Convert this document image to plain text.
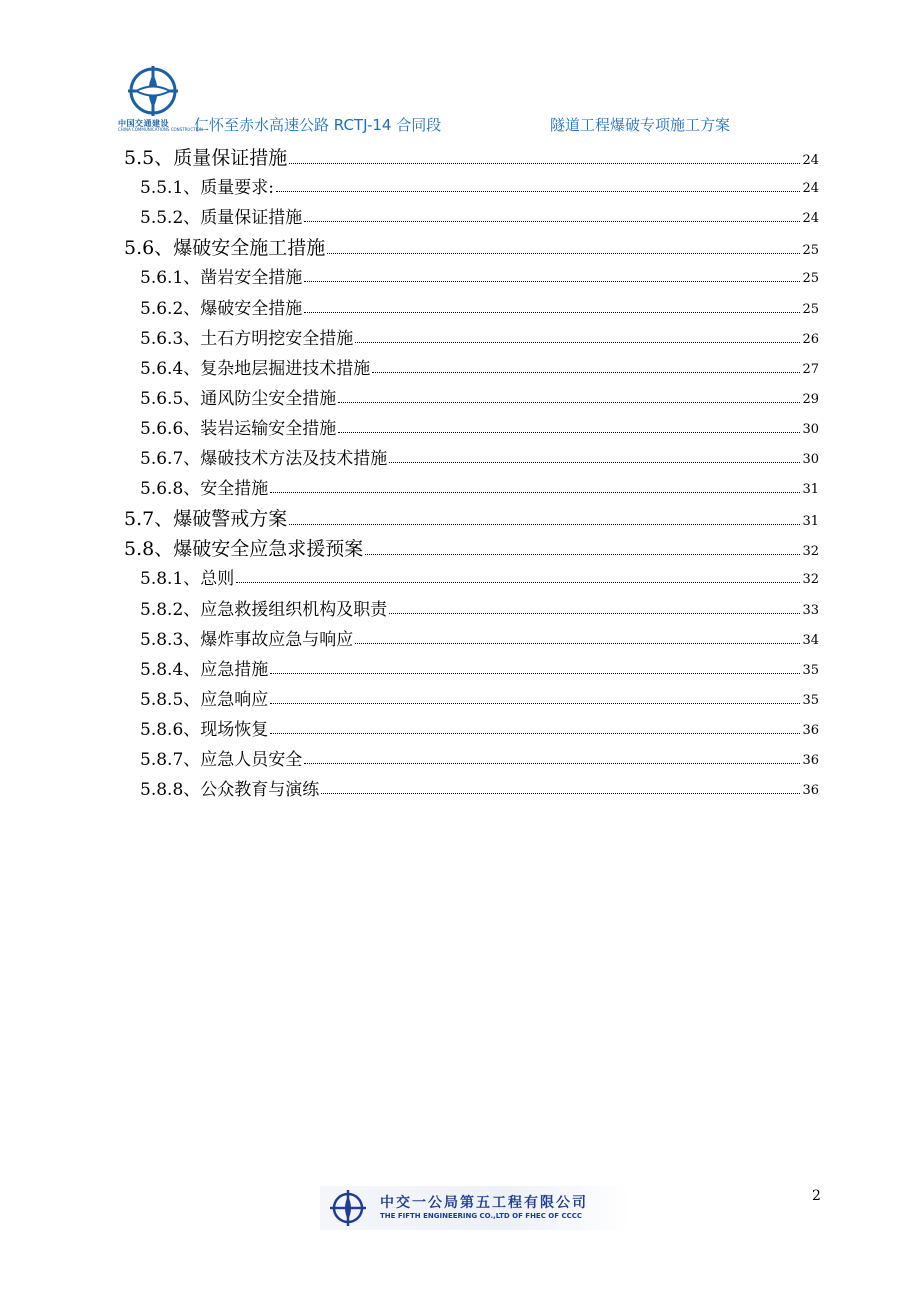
中国交通建设
CHINA COMMUNICATIONS CONSTRUCTION
仁怀至赤水高速公路 RCTJ-14 合同段	隧道工程爆破专项施工方案
5.5、 质量保证措施	24
5.5.1、 质量要求:	24
5.5.2、 质量保证措施	24
5.6、 爆破安全施工措施	25
5.6.1、 凿岩安全措施	25
5.6.2、 爆破安全措施	25
5.6.3、 土石方明挖安全措施	26
5.6.4、 复杂地层掘进技术措施	27
5.6.5、 通风防尘安全措施	29
5.6.6、 装岩运输安全措施	30
5.6.7、 爆破技术方法及技术措施	30
5.6.8、 安全措施	31
5.7、 爆破警戒方案	31
5.8、 爆破安全应急求援预案	32
5.8.1、 总则	32
5.8.2、 应急救援组织机构及职责	33
5.8.3、 爆炸事故应急与响应	34
5.8.4、 应急措施	35
5.8.5、 应急响应	35
5.8.6、 现场恢复	36
5.8.7、 应急人员安全	36
5.8.8、 公众教育与演练	36
中交一公局第五工程有限公司
THE FIFTH ENGINEERING CO.,LTD OF FHEC OF CCCC
2
